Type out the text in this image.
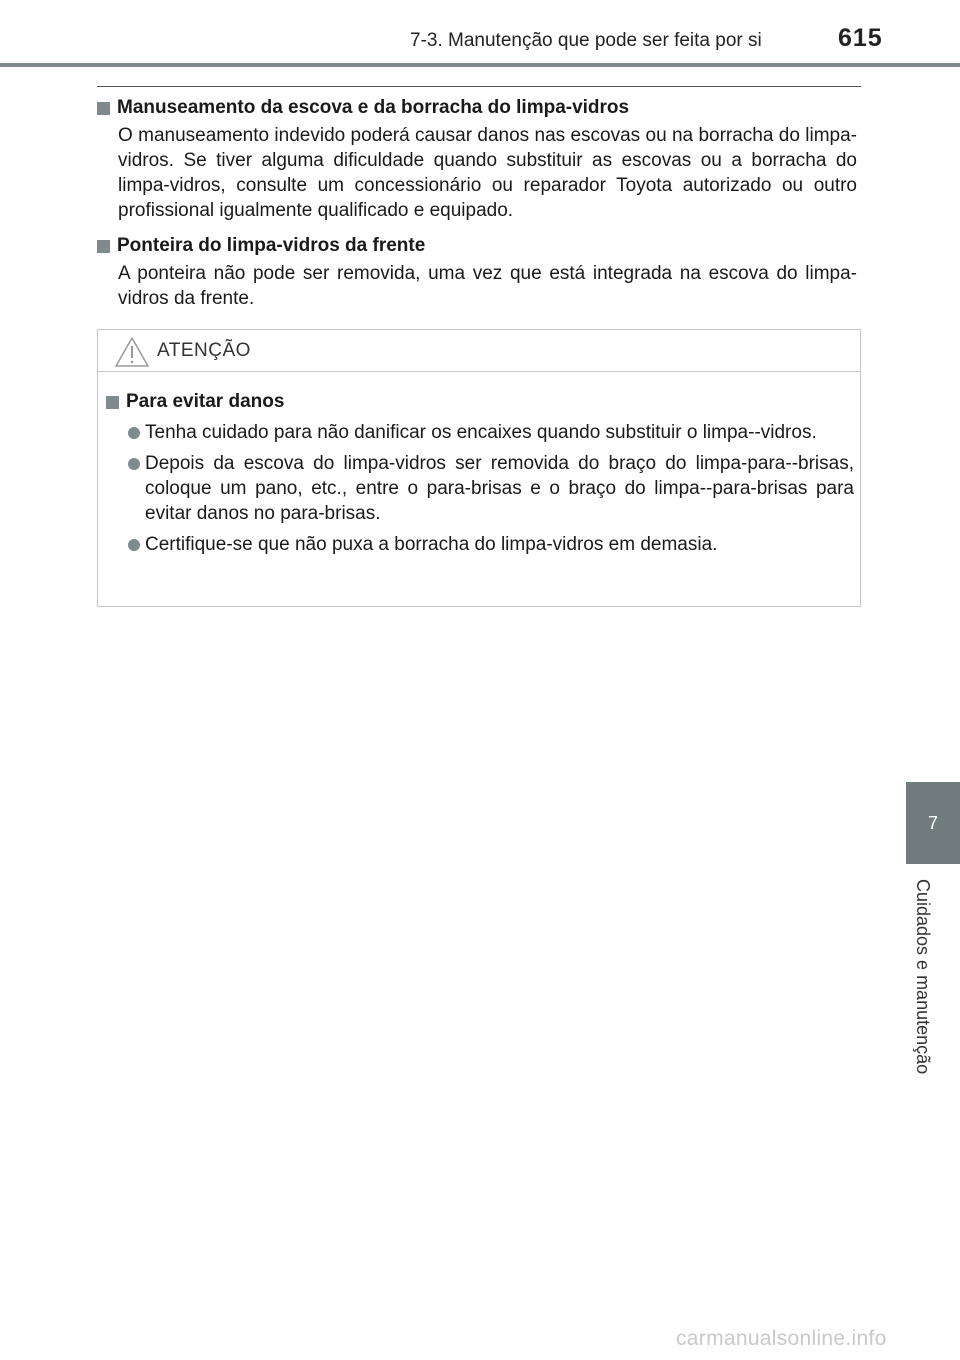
7-3. Manutenção que pode ser feita por si	615
Manuseamento da escova e da borracha do limpa-vidros
O manuseamento indevido poderá causar danos nas escovas ou na borracha do limpa-vidros. Se tiver alguma dificuldade quando substituir as escovas ou a borracha do limpa-vidros, consulte um concessionário ou reparador Toyota autorizado ou outro profissional igualmente qualificado e equipado.
Ponteira do limpa-vidros da frente
A ponteira não pode ser removida, uma vez que está integrada na escova do limpa-vidros da frente.
ATENÇÃO
Para evitar danos
Tenha cuidado para não danificar os encaixes quando substituir o limpa--vidros.
Depois da escova do limpa-vidros ser removida do braço do limpa-para--brisas, coloque um pano, etc., entre o para-brisas e o braço do limpa--para-brisas para evitar danos no para-brisas.
Certifique-se que não puxa a borracha do limpa-vidros em demasia.
7
Cuidados e manutenção
carmanualsonline.info
